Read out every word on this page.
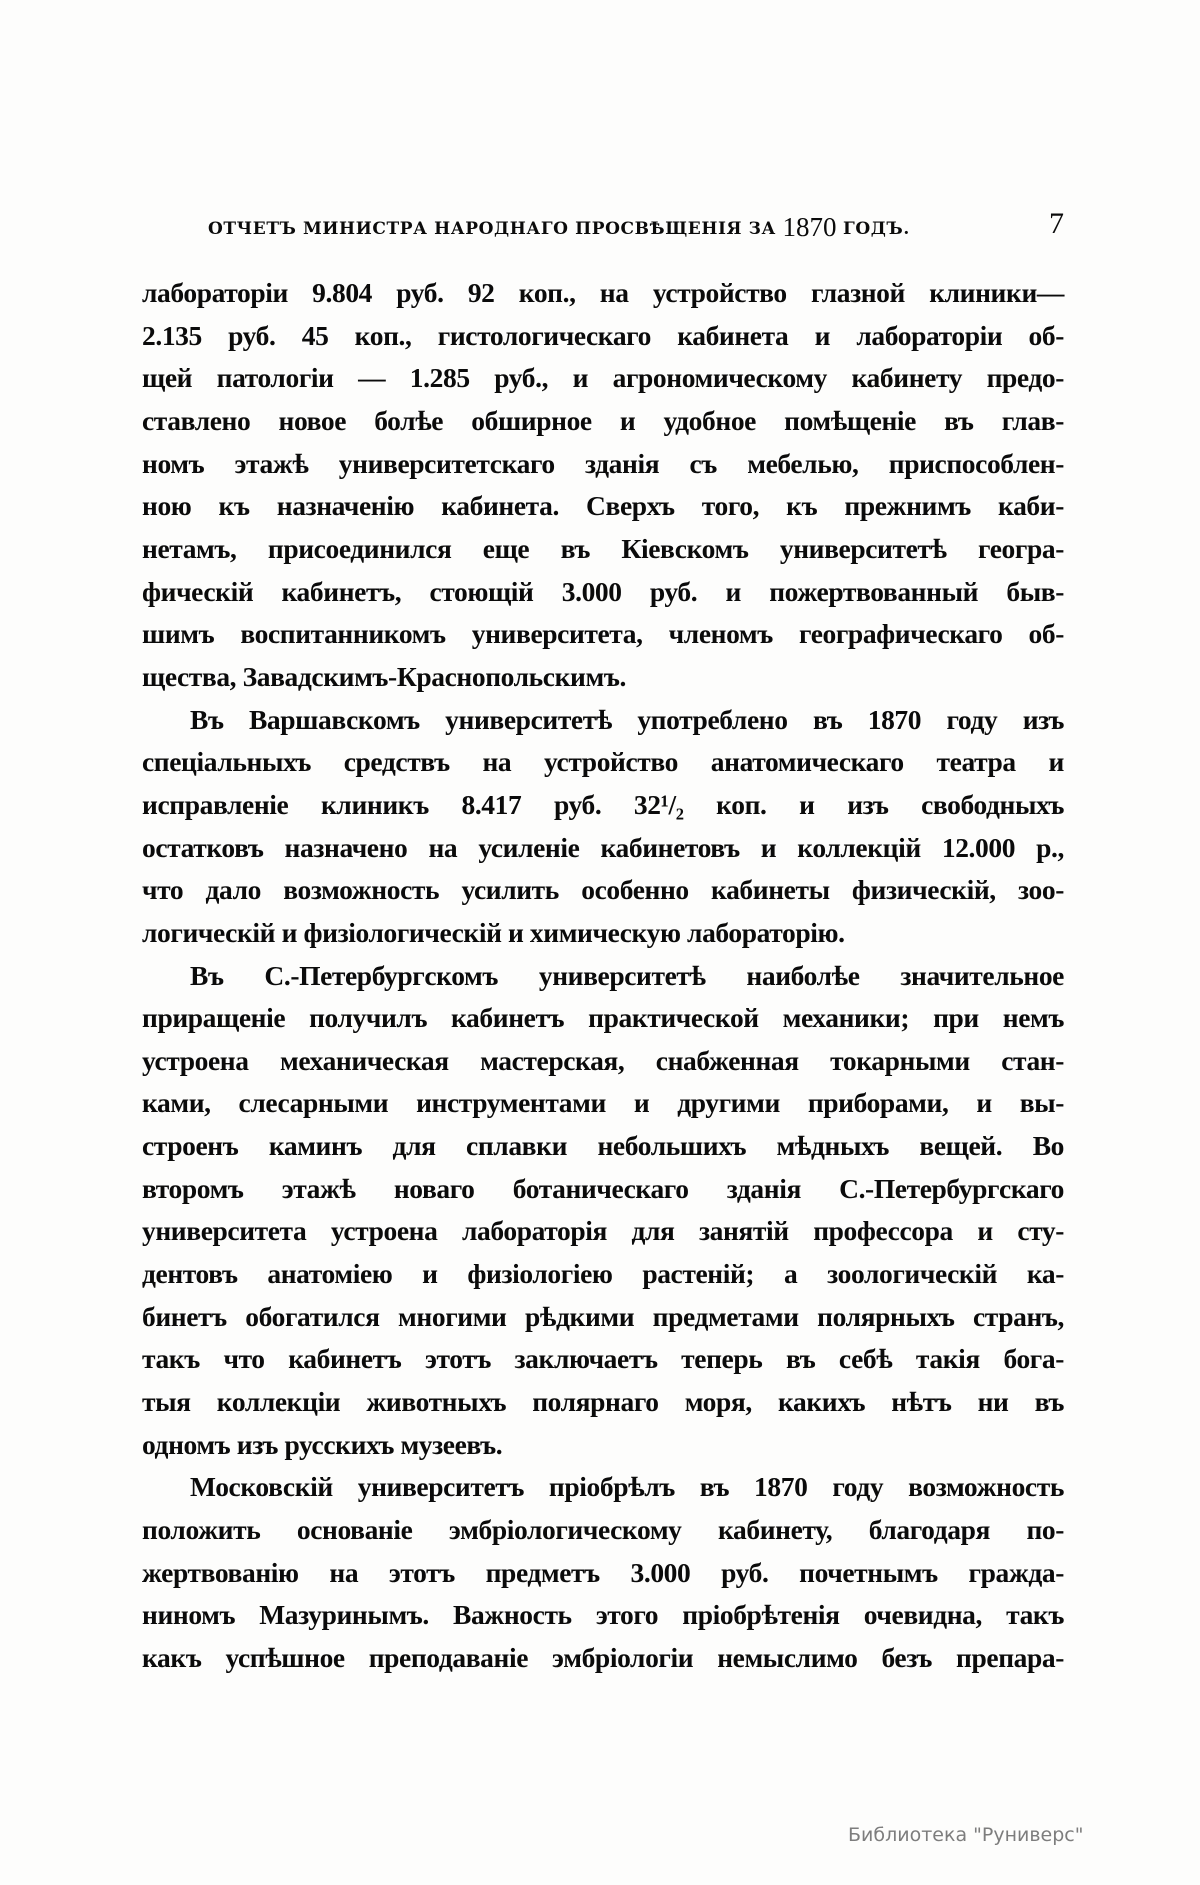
ОТЧЕТЪ МИНИСТРА НАРОДНАГО ПРОСВѢЩЕНІЯ ЗА 1870 ГОДЪ.	7
лабораторіи 9.804 руб. 92 коп., на устройство глазной клиники—
2.135 руб. 45 коп., гистологическаго кабинета и лабораторіи об-
щей патологіи — 1.285 руб., и агрономическому кабинету предо-
ставлено новое болѣе обширное и удобное помѣщеніе въ глав-
номъ этажѣ университетскаго зданія съ мебелью, приспособлен-
ною къ назначенію кабинета. Сверхъ того, къ прежнимъ каби-
нетамъ, присоединился еще въ Кіевскомъ университетѣ геогра-
фическій кабинетъ, стоющій 3.000 руб. и пожертвованный быв-
шимъ воспитанникомъ университета, членомъ географическаго об-
щества, Завадскимъ-Краснопольскимъ.
Въ Варшавскомъ университетѣ употреблено въ 1870 году изъ
спеціальныхъ средствъ на устройство анатомическаго театра и
исправленіе клиникъ 8.417 руб. 32¹/₂ коп. и изъ свободныхъ
остатковъ назначено на усиленіе кабинетовъ и коллекцій 12.000 р.,
что дало возможность усилить особенно кабинеты физическій, зоо-
логическій и физіологическій и химическую лабораторію.
Въ С.-Петербургскомъ университетѣ наиболѣе значительное
приращеніе получилъ кабинетъ практической механики; при немъ
устроена механическая мастерская, снабженная токарными стан-
ками, слесарными инструментами и другими приборами, и вы-
строенъ каминъ для сплавки небольшихъ мѣдныхъ вещей. Во
второмъ этажѣ новаго ботаническаго зданія С.-Петербургскаго
университета устроена лабораторія для занятій профессора и сту-
дентовъ анатоміею и физіологіею растеній; а зоологическій ка-
бинетъ обогатился многими рѣдкими предметами полярныхъ странъ,
такъ что кабинетъ этотъ заключаетъ теперь въ себѣ такія бога-
тыя коллекціи животныхъ полярнаго моря, какихъ нѣтъ ни въ
одномъ изъ русскихъ музеевъ.
Московскій университетъ пріобрѣлъ въ 1870 году возможность
положить основаніе эмбріологическому кабинету, благодаря по-
жертвованію на этотъ предметъ 3.000 руб. почетнымъ гражда-
ниномъ Мазуринымъ. Важность этого пріобрѣтенія очевидна, такъ
какъ успѣшное преподаваніе эмбріологіи немыслимо безъ препара-
Библиотека "Руниверс"
